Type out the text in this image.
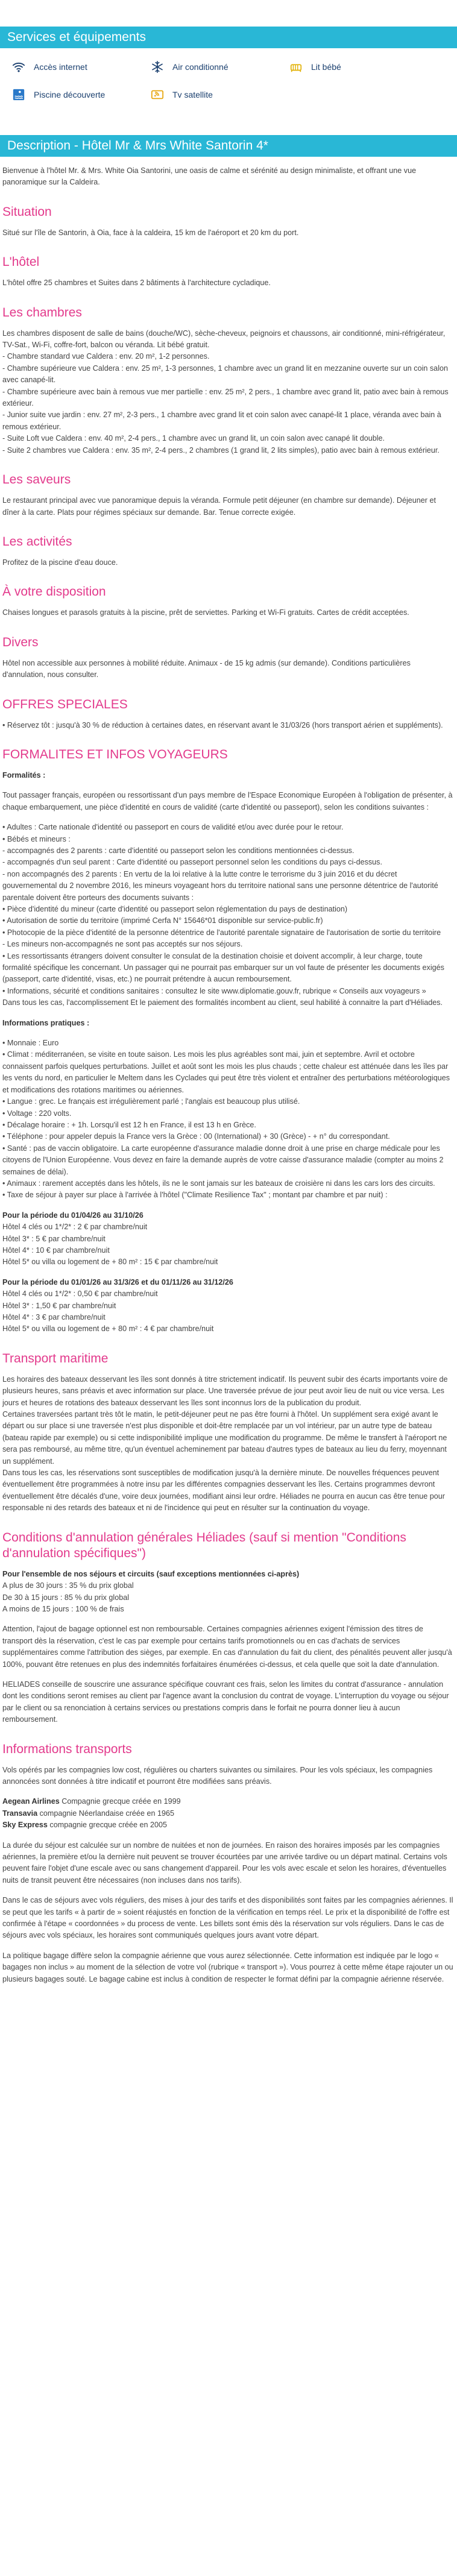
Services et équipements
Accès internet	Air conditionné	Lit bébé
Piscine découverte	Tv satellite
Description - Hôtel Mr & Mrs White Santorin 4*

Bienvenue à l'hôtel Mr. & Mrs. White Oia Santorini, une oasis de calme et sérénité au design minimaliste, et offrant une vue panoramique sur la Caldeira.

Situation

Situé sur l'île de Santorin, à Oia, face à la caldeira, 15 km de l'aéroport et 20 km du port.

L'hôtel

L'hôtel offre 25 chambres et Suites dans 2 bâtiments à l'architecture cycladique.

Les chambres

Les chambres disposent de salle de bains (douche/WC), sèche-cheveux, peignoirs et chaussons, air conditionné, mini-réfrigérateur, TV-Sat., Wi-Fi, coffre-fort, balcon ou véranda. Lit bébé gratuit.
- Chambre standard vue Caldera : env. 20 m², 1-2 personnes.
- Chambre supérieure vue Caldera : env. 25 m², 1-3 personnes, 1 chambre avec un grand lit en mezzanine ouverte sur un coin salon avec canapé-lit.
- Chambre supérieure avec bain à remous vue mer partielle : env. 25 m², 2 pers., 1 chambre avec grand lit, patio avec bain à remous extérieur.
- Junior suite vue jardin : env. 27 m², 2-3 pers., 1 chambre avec grand lit et coin salon avec canapé-lit 1 place, véranda avec bain à remous extérieur.
- Suite Loft vue Caldera : env. 40 m², 2-4 pers., 1 chambre avec un grand lit, un coin salon avec canapé lit double.
- Suite 2 chambres vue Caldera : env. 35 m², 2-4 pers., 2 chambres (1 grand lit, 2 lits simples), patio avec bain à remous extérieur.

Les saveurs

Le restaurant principal avec vue panoramique depuis la véranda. Formule petit déjeuner (en chambre sur demande). Déjeuner et dîner à la carte. Plats pour régimes spéciaux sur demande. Bar. Tenue correcte exigée.

Les activités

Profitez de la piscine d'eau douce.

À votre disposition

Chaises longues et parasols gratuits à la piscine, prêt de serviettes. Parking et Wi-Fi gratuits. Cartes de crédit acceptées.

Divers

Hôtel non accessible aux personnes à mobilité réduite. Animaux - de 15 kg admis (sur demande). Conditions particulières d'annulation, nous consulter.

OFFRES SPECIALES

• Réservez tôt : jusqu'à 30 % de réduction à certaines dates, en réservant avant le 31/03/26 (hors transport aérien et suppléments).

FORMALITES ET INFOS VOYAGEURS

Formalités :

Tout passager français, européen ou ressortissant d'un pays membre de l'Espace Economique Européen à l'obligation de présenter, à chaque embarquement, une pièce d'identité en cours de validité (carte d'identité ou passeport), selon les conditions suivantes :

• Adultes : Carte nationale d'identité ou passeport en cours de validité et/ou avec durée pour le retour.
• Bébés et mineurs :
- accompagnés des 2 parents : carte d'identité ou passeport selon les conditions mentionnées ci-dessus.
- accompagnés d'un seul parent : Carte d'identité ou passeport personnel selon les conditions du pays ci-dessus.
- non accompagnés des 2 parents : En vertu de la loi relative à la lutte contre le terrorisme du 3 juin 2016 et du décret gouvernemental du 2 novembre 2016, les mineurs voyageant hors du territoire national sans une personne détentrice de l'autorité parentale doivent être porteurs des documents suivants :
• Pièce d'identité du mineur (carte d'identité ou passeport selon réglementation du pays de destination)
• Autorisation de sortie du territoire (imprimé Cerfa N° 15646*01 disponible sur service-public.fr)
• Photocopie de la pièce d'identité de la personne détentrice de l'autorité parentale signataire de l'autorisation de sortie du territoire
- Les mineurs non-accompagnés ne sont pas acceptés sur nos séjours.
• Les ressortissants étrangers doivent consulter le consulat de la destination choisie et doivent accomplir, à leur charge, toute formalité spécifique les concernant. Un passager qui ne pourrait pas embarquer sur un vol faute de présenter les documents exigés (passeport, carte d'identité, visas, etc.) ne pourrait prétendre à aucun remboursement.
• Informations, sécurité et conditions sanitaires : consultez le site www.diplomatie.gouv.fr, rubrique « Conseils aux voyageurs »
Dans tous les cas, l'accomplissement Et le paiement des formalités incombent au client, seul habilité à connaitre la part d'Héliades.

Informations pratiques :

• Monnaie : Euro
• Climat : méditerranéen, se visite en toute saison. Les mois les plus agréables sont mai, juin et septembre. Avril et octobre connaissent parfois quelques perturbations. Juillet et août sont les mois les plus chauds ; cette chaleur est atténuée dans les îles par les vents du nord, en particulier le Meltem dans les Cyclades qui peut être très violent et entraîner des perturbations météorologiques et modifications des rotations maritimes ou aériennes.
• Langue : grec. Le français est irrégulièrement parlé ; l'anglais est beaucoup plus utilisé.
• Voltage : 220 volts.
• Décalage horaire : + 1h. Lorsqu'il est 12 h en France, il est 13 h en Grèce.
• Téléphone : pour appeler depuis la France vers la Grèce : 00 (International) + 30 (Grèce) - + n° du correspondant.
• Santé : pas de vaccin obligatoire. La carte européenne d'assurance maladie donne droit à une prise en charge médicale pour les citoyens de l'Union Européenne. Vous devez en faire la demande auprès de votre caisse d'assurance maladie (compter au moins 2 semaines de délai).
• Animaux : rarement acceptés dans les hôtels, ils ne le sont jamais sur les bateaux de croisière ni dans les cars lors des circuits.
• Taxe de séjour à payer sur place à l'arrivée à l'hôtel ("Climate Resilience Tax" ; montant par chambre et par nuit) :

Pour la période du 01/04/26 au 31/10/26
Hôtel 4 clés ou 1*/2* : 2 € par chambre/nuit
Hôtel 3* : 5 € par chambre/nuit
Hôtel 4* : 10 € par chambre/nuit
Hôtel 5* ou villa ou logement de + 80 m² : 15 € par chambre/nuit

Pour la période du 01/01/26 au 31/3/26 et du 01/11/26 au 31/12/26
Hôtel 4 clés ou 1*/2* : 0,50 € par chambre/nuit
Hôtel 3* : 1,50 € par chambre/nuit
Hôtel 4* : 3 € par chambre/nuit
Hôtel 5* ou villa ou logement de + 80 m² : 4 € par chambre/nuit

Transport maritime

Les horaires des bateaux desservant les îles sont donnés à titre strictement indicatif. Ils peuvent subir des écarts importants voire de plusieurs heures, sans préavis et avec information sur place. Une traversée prévue de jour peut avoir lieu de nuit ou vice versa. Les jours et heures de rotations des bateaux desservant les îles sont inconnus lors de la publication du produit.
Certaines traversées partant très tôt le matin, le petit-déjeuner peut ne pas être fourni à l'hôtel. Un supplément sera exigé avant le départ ou sur place si une traversée n'est plus disponible et doit-être remplacée par un vol intérieur, par un autre type de bateau (bateau rapide par exemple) ou si cette indisponibilité implique une modification du programme. De même le transfert à l'aéroport ne sera pas remboursé, au même titre, qu'un éventuel acheminement par bateau d'autres types de bateaux au lieu du ferry, moyennant un supplément.
Dans tous les cas, les réservations sont susceptibles de modification jusqu'à la dernière minute. De nouvelles fréquences peuvent éventuellement être programmées à notre insu par les différentes compagnies desservant les îles. Certains programmes devront éventuellement être décalés d'une, voire deux journées, modifiant ainsi leur ordre. Héliades ne pourra en aucun cas être tenue pour responsable ni des retards des bateaux et ni de l'incidence qui peut en résulter sur la continuation du voyage.

Conditions d'annulation générales Héliades (sauf si mention "Conditions d'annulation spécifiques")

Pour l'ensemble de nos séjours et circuits (sauf exceptions mentionnées ci-après)
A plus de 30 jours : 35 % du prix global
De 30 à 15 jours : 85 % du prix global
A moins de 15 jours : 100 % de frais

Attention, l'ajout de bagage optionnel est non remboursable. Certaines compagnies aériennes exigent l'émission des titres de transport dès la réservation, c'est le cas par exemple pour certains tarifs promotionnels ou en cas d'achats de services supplémentaires comme l'attribution des sièges, par exemple. En cas d'annulation du fait du client, des pénalités peuvent aller jusqu'à 100%, pouvant être retenues en plus des indemnités forfaitaires énumérées ci-dessus, et cela quelle que soit la date d'annulation.

HELIADES conseille de souscrire une assurance spécifique couvrant ces frais, selon les limites du contrat d'assurance - annulation dont les conditions seront remises au client par l'agence avant la conclusion du contrat de voyage. L'interruption du voyage ou séjour par le client ou sa renonciation à certains services ou prestations compris dans le forfait ne pourra donner lieu à aucun remboursement.

Informations transports

Vols opérés par les compagnies low cost, régulières ou charters suivantes ou similaires. Pour les vols spéciaux, les compagnies annoncées sont données à titre indicatif et pourront être modifiées sans préavis.

Aegean Airlines Compagnie grecque créée en 1999
Transavia compagnie Néerlandaise créée en 1965
Sky Express compagnie grecque créée en 2005

La durée du séjour est calculée sur un nombre de nuitées et non de journées. En raison des horaires imposés par les compagnies aériennes, la première et/ou la dernière nuit peuvent se trouver écourtées par une arrivée tardive ou un départ matinal. Certains vols peuvent faire l'objet d'une escale avec ou sans changement d'appareil. Pour les vols avec escale et selon les horaires, d'éventuelles nuits de transit peuvent être nécessaires (non incluses dans nos tarifs).

Dans le cas de séjours avec vols réguliers, des mises à jour des tarifs et des disponibilités sont faites par les compagnies aériennes. Il se peut que les tarifs « à partir de » soient réajustés en fonction de la vérification en temps réel. Le prix et la disponibilité de l'offre est confirmée à l'étape « coordonnées » du process de vente. Les billets sont émis dès la réservation sur vols réguliers. Dans le cas de séjours avec vols spéciaux, les horaires sont communiqués quelques jours avant votre départ.

La politique bagage diffère selon la compagnie aérienne que vous aurez sélectionnée. Cette information est indiquée par le logo « bagages non inclus » au moment de la sélection de votre vol (rubrique « transport »). Vous pourrez à cette même étape rajouter un ou plusieurs bagages souté. Le bagage cabine est inclus à condition de respecter le format défini par la compagnie aérienne réservée.
